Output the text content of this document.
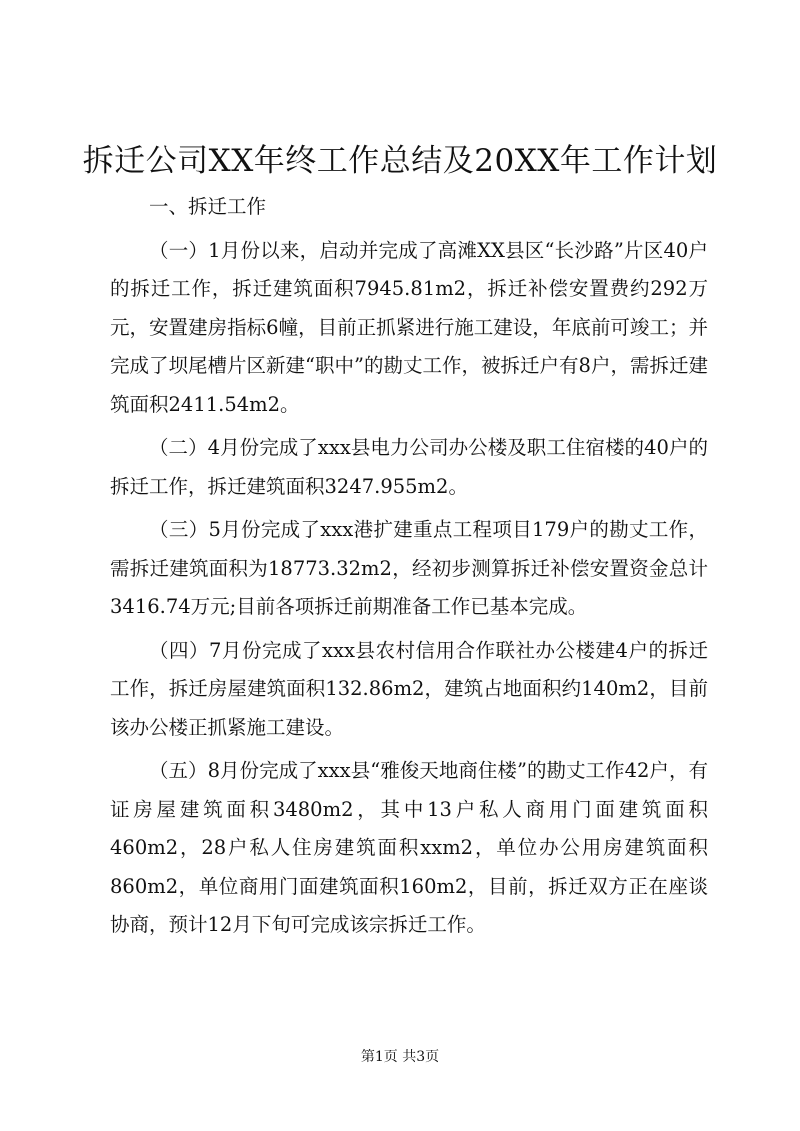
拆迁公司XX年终工作总结及20XX年工作计划

一、拆迁工作

（一）1月份以来，启动并完成了高滩XX县区“长沙路”片区40户的拆迁工作，拆迁建筑面积7945.81m2，拆迁补偿安置费约292万元，安置建房指标6幢，目前正抓紧进行施工建设，年底前可竣工；并完成了坝尾槽片区新建“职中”的勘丈工作，被拆迁户有8户，需拆迁建筑面积2411.54m2。

（二）4月份完成了xxx县电力公司办公楼及职工住宿楼的40户的拆迁工作，拆迁建筑面积3247.955m2。

（三）5月份完成了xxx港扩建重点工程项目179户的勘丈工作，需拆迁建筑面积为18773.32m2，经初步测算拆迁补偿安置资金总计3416.74万元;目前各项拆迁前期准备工作已基本完成。

（四）7月份完成了xxx县农村信用合作联社办公楼建4户的拆迁工作，拆迁房屋建筑面积132.86m2，建筑占地面积约140m2，目前该办公楼正抓紧施工建设。

（五）8月份完成了xxx县“雅俊天地商住楼”的勘丈工作42户，有证房屋建筑面积3480m2，其中13户私人商用门面建筑面积460m2，28户私人住房建筑面积xxm2，单位办公用房建筑面积860m2，单位商用门面建筑面积160m2，目前，拆迁双方正在座谈协商，预计12月下旬可完成该宗拆迁工作。

第1页 共3页
